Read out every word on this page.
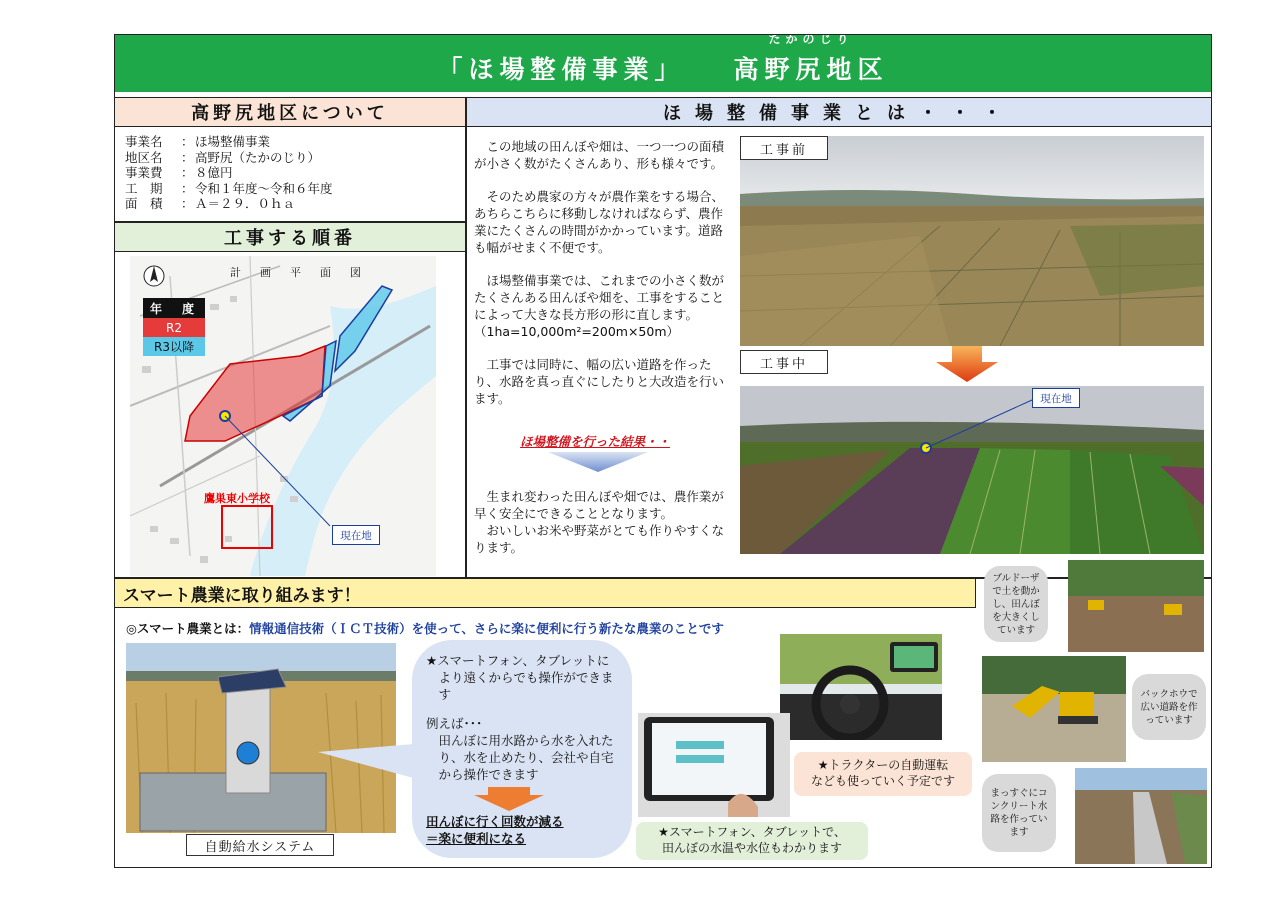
「ほ場整備事業」
たかのじり
高野尻地区
高野尻地区について	ほ場整備事業とは・・・
事業名	： ほ場整備事業
地区名	： 高野尻（たかのじり）
事業費	： ８億円
工　期	： 令和１年度～令和６年度
面　積	： Ａ＝２９．０ｈａ
工事する順番
計　画　平　面　図
年　度
R2
R3以降
鷹巣東小学校
現在地

この地域の田んぼや畑は、一つ一つの面積が小さく数がたくさんあり、形も様々です。

そのため農家の方々が農作業をする場合、あちらこちらに移動しなければならず、農作業にたくさんの時間がかかっています。道路も幅がせまく不便です。

ほ場整備事業では、これまでの小さく数がたくさんある田んぼや畑を、工事をすることによって大きな長方形の形に直します。（1ha=10,000m²=200m×50m）

工事では同時に、幅の広い道路を作ったり、水路を真っ直ぐにしたりと大改造を行います。

ほ場整備を行った結果・・

生まれ変わった田んぼや畑では、農作業が早く安全にできることとなります。

おいしいお米や野菜がとても作りやすくなります。

工事前
工事中
現在地
スマート農業に取り組みます！
◎スマート農業とは：情報通信技術（ＩＣＴ技術）を使って、さらに楽に便利に行う新たな農業のことです
自動給水システム
★スマートフォン、タブレットにより遠くからでも操作ができます
例えば･･･
田んぼに用水路から水を入れたり、水を止めたり、会社や自宅から操作できます
田んぼに行く回数が減る
＝楽に便利になる
★トラクターの自動運転
なども使っていく予定です
★スマートフォン、タブレットで、
田んぼの水温や水位もわかります
ブルドーザで土を動かし、田んぼを大きくしています
バックホウで広い道路を作っています
まっすぐにコンクリート水路を作っています
